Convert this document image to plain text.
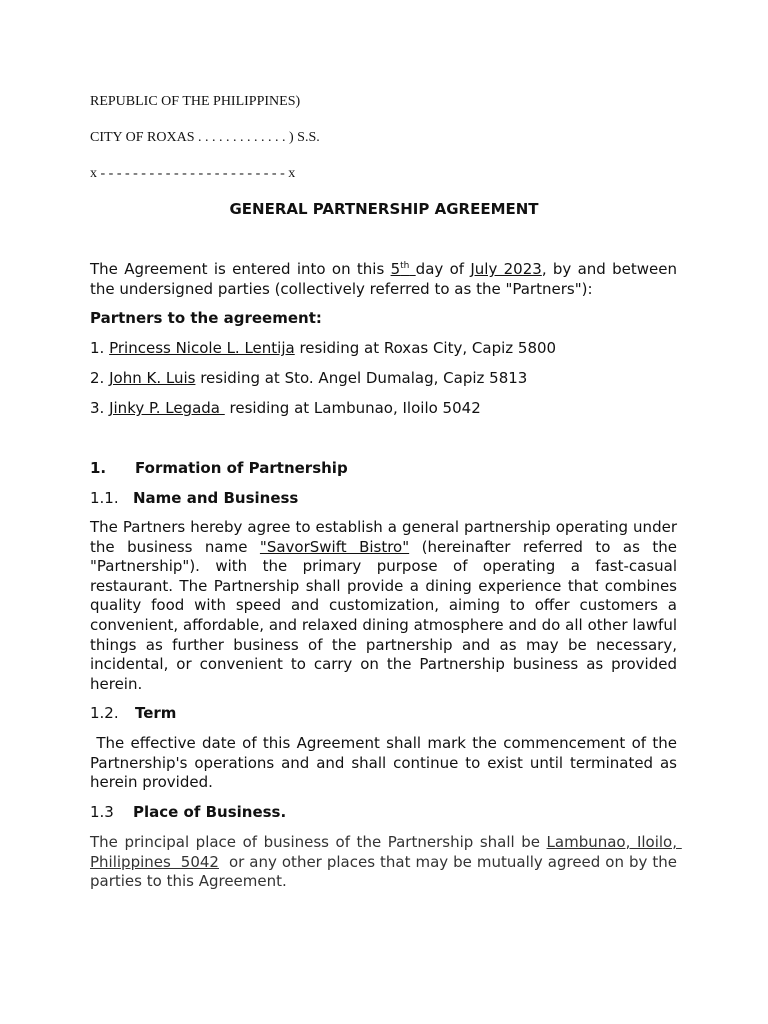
REPUBLIC OF THE PHILIPPINES)
CITY OF ROXAS . . . . . . . . . . . . . ) S.S.
x - - - - - - - - - - - - - - - - - - - - - - - x
GENERAL PARTNERSHIP AGREEMENT
The Agreement is entered into on this 5th day of July 2023, by and between the undersigned parties (collectively referred to as the "Partners"):
Partners to the agreement:
1. Princess Nicole L. Lentija residing at Roxas City, Capiz 5800
2. John K. Luis residing at Sto. Angel Dumalag, Capiz 5813
3. Jinky P. Legada  residing at Lambunao, Iloilo 5042
1. Formation of Partnership
1.1. Name and Business
The Partners hereby agree to establish a general partnership operating under the business name "SavorSwift Bistro" (hereinafter referred to as the "Partnership"). with the primary purpose of operating a fast-casual restaurant. The Partnership shall provide a dining experience that combines quality food with speed and customization, aiming to offer customers a convenient, affordable, and relaxed dining atmosphere and do all other lawful things as further business of the partnership and as may be necessary, incidental, or convenient to carry on the Partnership business as provided herein.
1.2. Term
The effective date of this Agreement shall mark the commencement of the Partnership's operations and and shall continue to exist until terminated as herein provided.
1.3 Place of Business.
The principal place of business of the Partnership shall be Lambunao, Iloilo, Philippines  5042  or any other places that may be mutually agreed on by the parties to this Agreement.
